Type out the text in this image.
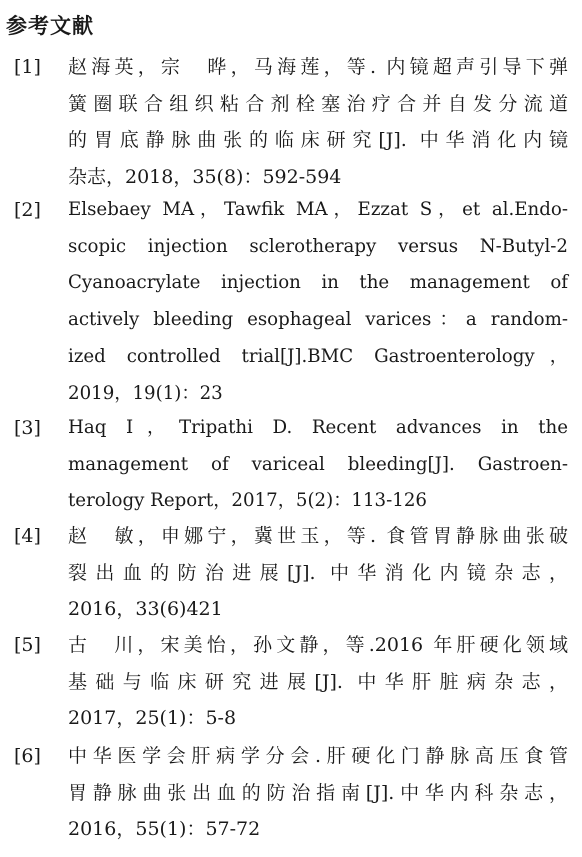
参考文献
[1] 赵海英，宗　晔，马海莲，等. 内镜超声引导下弹
簧圈联合组织粘合剂栓塞治疗合并自发分流道
的胃底静脉曲张的临床研究[J]. 中华消化内镜
杂志，2018，35(8)：592-594
[2] Elsebaey MA，Tawfik MA，Ezzat S，et al.Endo-
scopic injection sclerotherapy versus N-Butyl-2
Cyanoacrylate injection in the management of
actively bleeding esophageal varices：a random-
ized controlled trial[J].BMC Gastroenterology，
2019，19(1)：23
[3] Haq I，Tripathi D. Recent advances in the
management of variceal bleeding[J]. Gastroen-
terology Report，2017，5(2)：113-126
[4] 赵　敏，申娜宁，冀世玉，等. 食管胃静脉曲张破
裂出血的防治进展[J]. 中华消化内镜杂志，
2016，33(6)421
[5] 古　川，宋美怡，孙文静，等.2016 年肝硬化领域
基础与临床研究进展[J]. 中华肝脏病杂志，
2017，25(1)：5-8
[6] 中华医学会肝病学分会.肝硬化门静脉高压食管
胃静脉曲张出血的防治指南[J].中华内科杂志，
2016，55(1)：57-72
